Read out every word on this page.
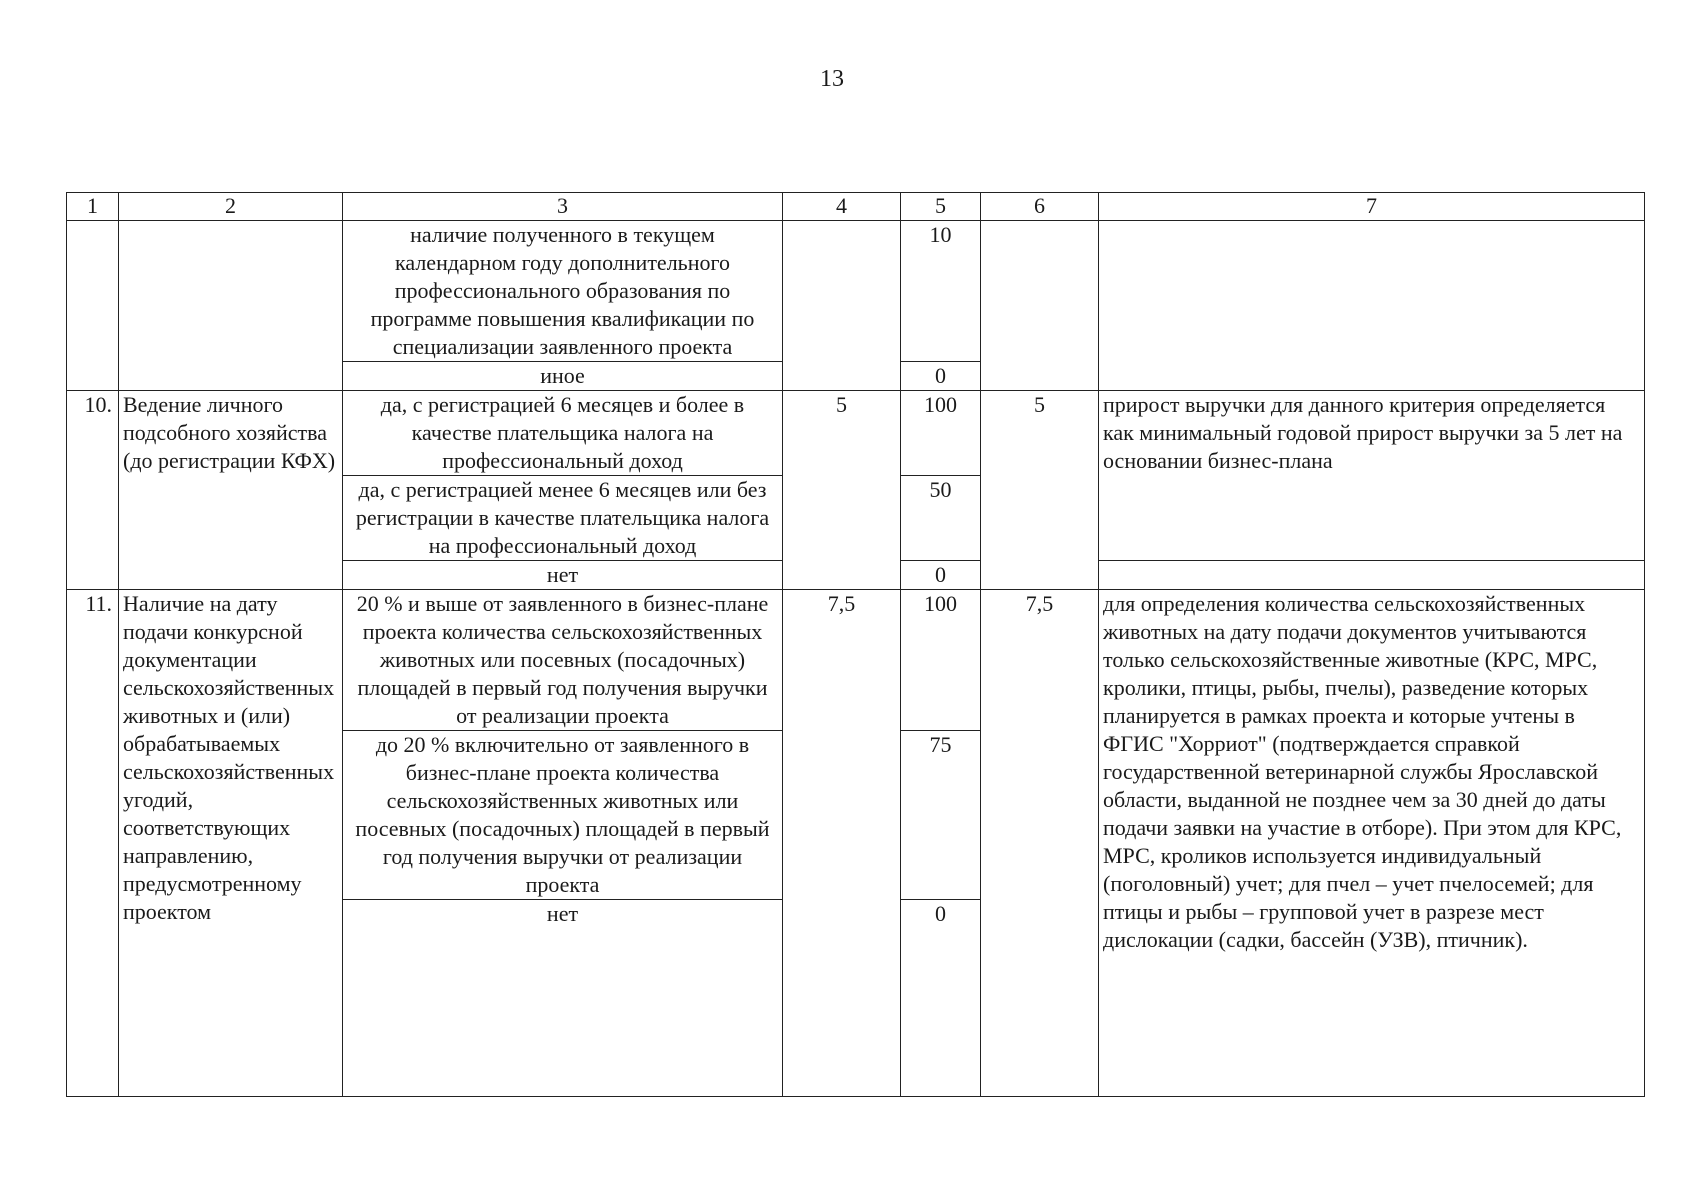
13
1	2	3	4	5	6	7
		наличие полученного в текущем календарном году дополнительного профессионального образования по программе повышения квалификации по специализации заявленного проекта		10		
		иное		0		
10.	Ведение личного подсобного хозяйства (до регистрации КФХ)	да, с регистрацией 6 месяцев и более в качестве плательщика налога на профессиональный доход	5	100	5	прирост выручки для данного критерия определяется как минимальный годовой прирост выручки за 5 лет на основании бизнес-плана
		да, с регистрацией менее 6 месяцев или без регистрации в качестве плательщика налога на профессиональный доход		50		
		нет		0		
11.	Наличие на дату подачи конкурсной документации сельскохозяйственных животных и (или) обрабатываемых сельскохозяйственных угодий, соответствующих направлению, предусмотренному проектом	20 % и выше от заявленного в бизнес-плане проекта количества сельскохозяйственных животных или посевных (посадочных) площадей в первый год получения выручки от реализации проекта	7,5	100	7,5	для определения количества сельскохозяйственных животных на дату подачи документов учитываются только сельскохозяйственные животные (КРС, МРС, кролики, птицы, рыбы, пчелы), разведение которых планируется в рамках проекта и которые учтены в ФГИС "Хорриот" (подтверждается справкой государственной ветеринарной службы Ярославской области, выданной не позднее чем за 30 дней до даты подачи заявки на участие в отборе). При этом для КРС, МРС, кроликов используется индивидуальный (поголовный) учет; для пчел – учет пчелосемей; для птицы и рыбы – групповой учет в разрезе мест дислокации (садки, бассейн (УЗВ), птичник).
		до 20 % включительно от заявленного в бизнес-плане проекта количества сельскохозяйственных животных или посевных (посадочных) площадей в первый год получения выручки от реализации проекта		75		
		нет		0		
